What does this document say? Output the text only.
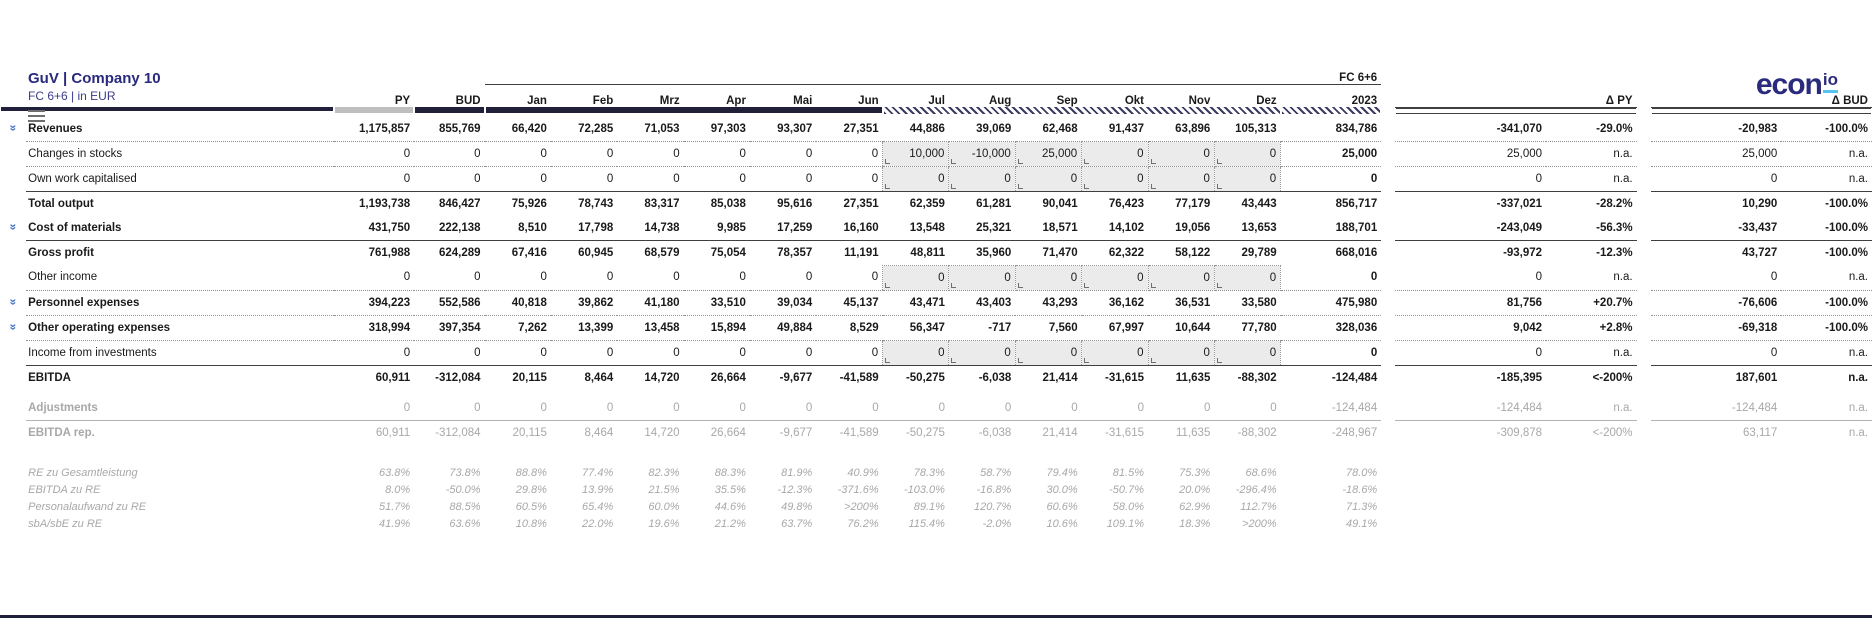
GuV | Company 10
FC 6+6 | in EUR	econio
																FC 6+6						
		PY	BUD	Jan	Feb	Mrz	Apr	Mai	Jun	Jul	Aug	Sep	Okt	Nov	Dez	2023		Δ PY			Δ BUD	

»	Revenues	1,175,857	855,769	66,420	72,285	71,053	97,303	93,307	27,351	44,886	39,069	62,468	91,437	63,896	105,313	834,786		-341,070	-29.0%		-20,983	-100.0%
	Changes in stocks	0	0	0	0	0	0	0	0	10,000	-10,000	25,000	0	0	0	25,000		25,000	n.a.		25,000	n.a.
	Own work capitalised	0	0	0	0	0	0	0	0	0	0	0	0	0	0	0		0	n.a.		0	n.a.
	Total output	1,193,738	846,427	75,926	78,743	83,317	85,038	95,616	27,351	62,359	61,281	90,041	76,423	77,179	43,443	856,717		-337,021	-28.2%		10,290	-100.0%
»	Cost of materials	431,750	222,138	8,510	17,798	14,738	9,985	17,259	16,160	13,548	25,321	18,571	14,102	19,056	13,653	188,701		-243,049	-56.3%		-33,437	-100.0%
	Gross profit	761,988	624,289	67,416	60,945	68,579	75,054	78,357	11,191	48,811	35,960	71,470	62,322	58,122	29,789	668,016		-93,972	-12.3%		43,727	-100.0%
	Other income	0	0	0	0	0	0	0	0	0	0	0	0	0	0	0		0	n.a.		0	n.a.
»	Personnel expenses	394,223	552,586	40,818	39,862	41,180	33,510	39,034	45,137	43,471	43,403	43,293	36,162	36,531	33,580	475,980		81,756	+20.7%		-76,606	-100.0%
»	Other operating expenses	318,994	397,354	7,262	13,399	13,458	15,894	49,884	8,529	56,347	-717	7,560	67,997	10,644	77,780	328,036		9,042	+2.8%		-69,318	-100.0%
	Income from investments	0	0	0	0	0	0	0	0	0	0	0	0	0	0	0		0	n.a.		0	n.a.
	EBITDA	60,911	-312,084	20,115	8,464	14,720	26,664	-9,677	-41,589	-50,275	-6,038	21,414	-31,615	11,635	-88,302	-124,484		-185,395	<-200%		187,601	n.a.

	Adjustments	0	0	0	0	0	0	0	0	0	0	0	0	0	0	-124,484		-124,484	n.a.		-124,484	n.a.
	EBITDA rep.	60,911	-312,084	20,115	8,464	14,720	26,664	-9,677	-41,589	-50,275	-6,038	21,414	-31,615	11,635	-88,302	-248,967		-309,878	<-200%		63,117	n.a.

	RE zu Gesamtleistung	63.8%	73.8%	88.8%	77.4%	82.3%	88.3%	81.9%	40.9%	78.3%	58.7%	79.4%	81.5%	75.3%	68.6%	78.0%						
	EBITDA zu RE	8.0%	-50.0%	29.8%	13.9%	21.5%	35.5%	-12.3%	-371.6%	-103.0%	-16.8%	30.0%	-50.7%	20.0%	-296.4%	-18.6%						
	Personalaufwand zu RE	51.7%	88.5%	60.5%	65.4%	60.0%	44.6%	49.8%	>200%	89.1%	120.7%	60.6%	58.0%	62.9%	112.7%	71.3%						
	sbA/sbE zu RE	41.9%	63.6%	10.8%	22.0%	19.6%	21.2%	63.7%	76.2%	115.4%	-2.0%	10.6%	109.1%	18.3%	>200%	49.1%						
